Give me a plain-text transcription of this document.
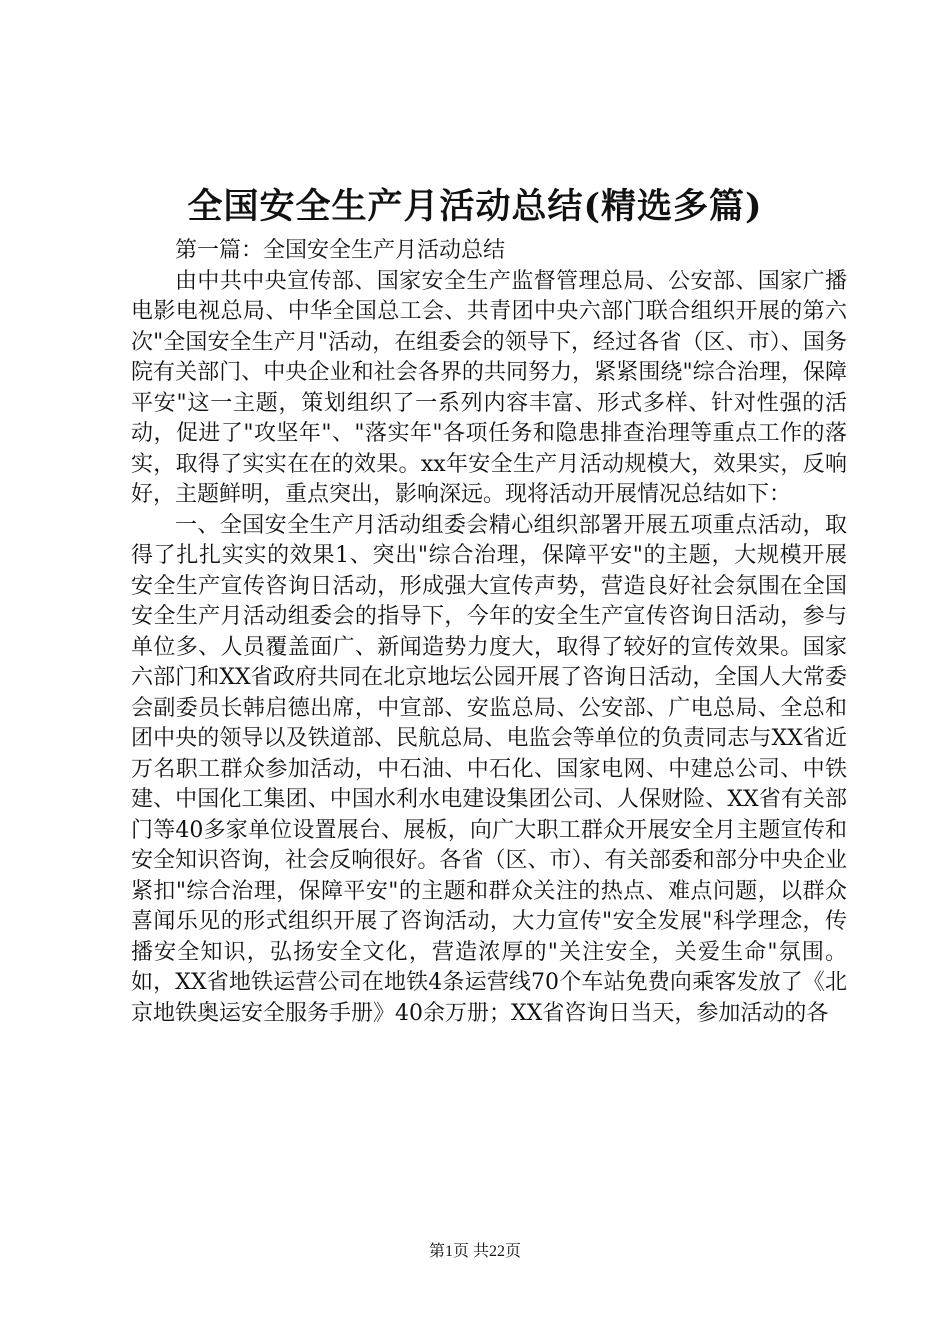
全国安全生产月活动总结(精选多篇)

第一篇：全国安全生产月活动总结

由中共中央宣传部、国家安全生产监督管理总局、公安部、国家广播电影电视总局、中华全国总工会、共青团中央六部门联合组织开展的第六次"全国安全生产月"活动，在组委会的领导下，经过各省（区、市）、国务院有关部门、中央企业和社会各界的共同努力，紧紧围绕"综合治理，保障平安"这一主题，策划组织了一系列内容丰富、形式多样、针对性强的活动，促进了"攻坚年"、"落实年"各项任务和隐患排查治理等重点工作的落实，取得了实实在在的效果。xx年安全生产月活动规模大，效果实，反响好，主题鲜明，重点突出，影响深远。现将活动开展情况总结如下：

一、全国安全生产月活动组委会精心组织部署开展五项重点活动，取得了扎扎实实的效果1、突出"综合治理，保障平安"的主题，大规模开展安全生产宣传咨询日活动，形成强大宣传声势，营造良好社会氛围在全国安全生产月活动组委会的指导下，今年的安全生产宣传咨询日活动，参与单位多、人员覆盖面广、新闻造势力度大，取得了较好的宣传效果。国家六部门和XX省政府共同在北京地坛公园开展了咨询日活动，全国人大常委会副委员长韩启德出席，中宣部、安监总局、公安部、广电总局、全总和团中央的领导以及铁道部、民航总局、电监会等单位的负责同志与XX省近万名职工群众参加活动，中石油、中石化、国家电网、中建总公司、中铁建、中国化工集团、中国水利水电建设集团公司、人保财险、XX省有关部门等40多家单位设置展台、展板，向广大职工群众开展安全月主题宣传和安全知识咨询，社会反响很好。各省（区、市）、有关部委和部分中央企业紧扣"综合治理，保障平安"的主题和群众关注的热点、难点问题，以群众喜闻乐见的形式组织开展了咨询活动，大力宣传"安全发展"科学理念，传播安全知识，弘扬安全文化，营造浓厚的"关注安全，关爱生命"氛围。如，XX省地铁运营公司在地铁4条运营线70个车站免费向乘客发放了《北京地铁奥运安全服务手册》40余万册；XX省咨询日当天，参加活动的各

第1页 共22页
